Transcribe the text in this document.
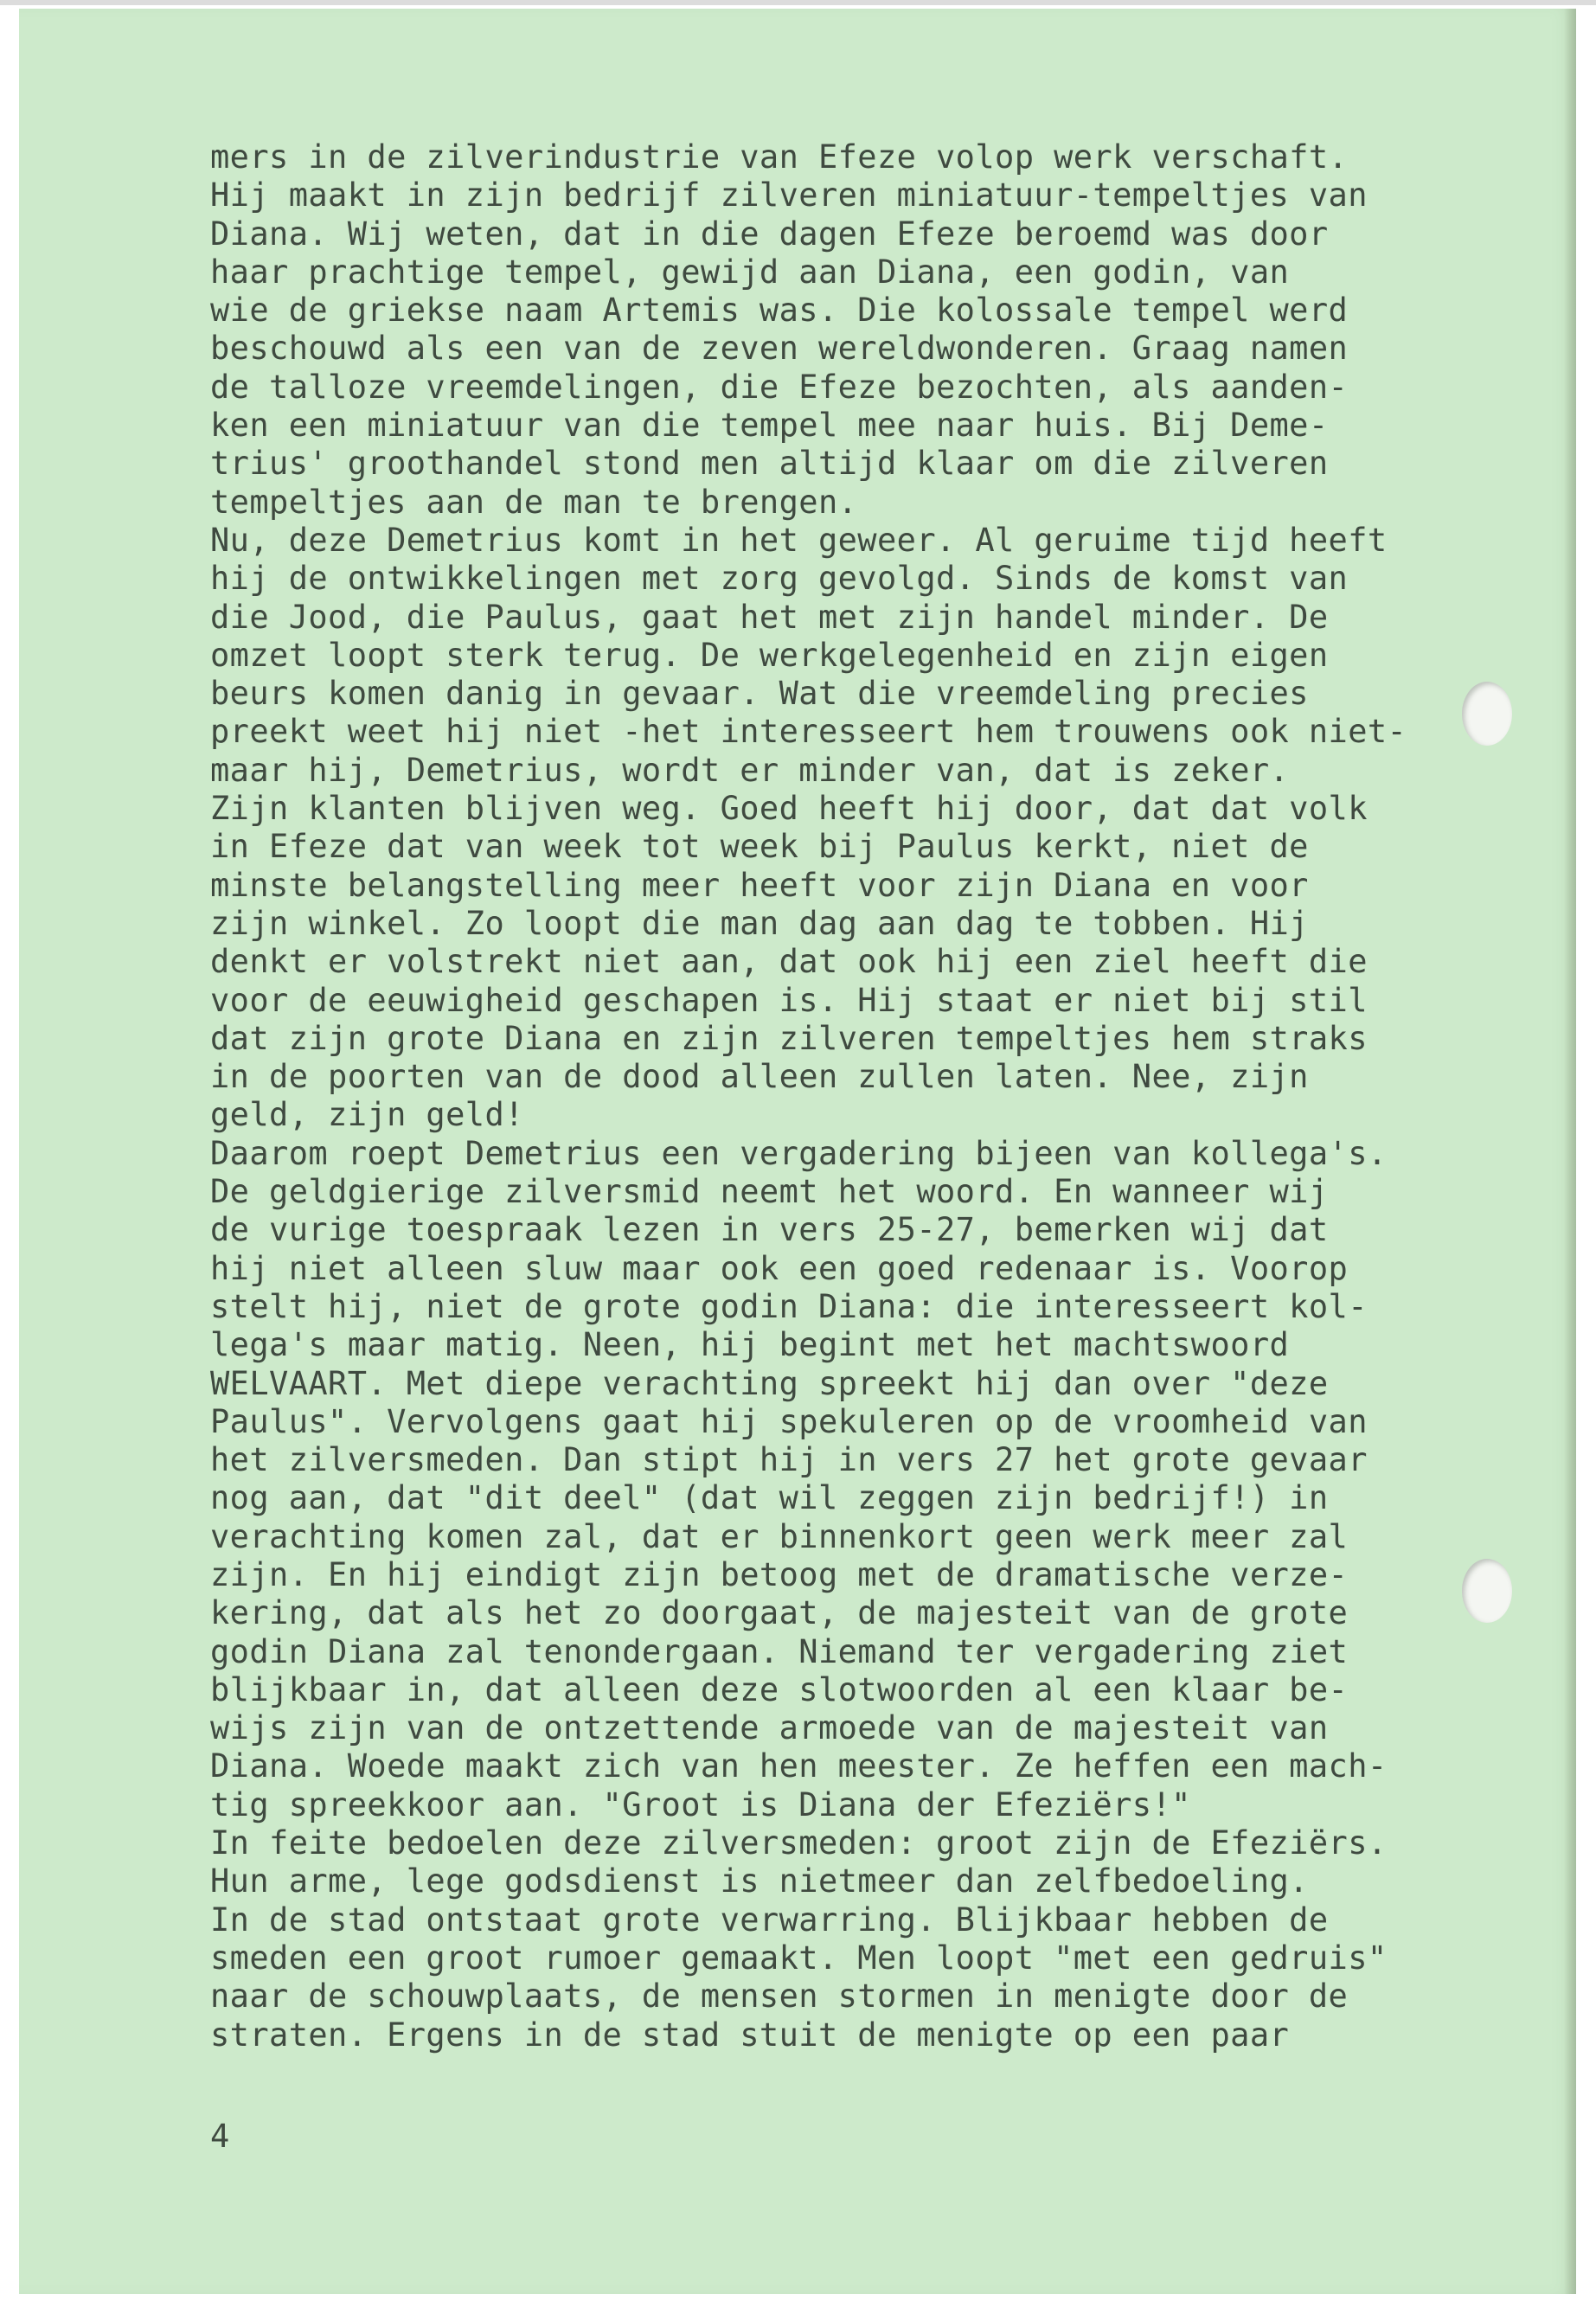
mers in de zilverindustrie van Efeze volop werk verschaft.
Hij maakt in zijn bedrijf zilveren miniatuur-tempeltjes van
Diana. Wij weten, dat in die dagen Efeze beroemd was door
haar prachtige tempel, gewijd aan Diana, een godin, van
wie de griekse naam Artemis was. Die kolossale tempel werd
beschouwd als een van de zeven wereldwonderen. Graag namen
de talloze vreemdelingen, die Efeze bezochten, als aanden-
ken een miniatuur van die tempel mee naar huis. Bij Deme-
trius' groothandel stond men altijd klaar om die zilveren
tempeltjes aan de man te brengen.
Nu, deze Demetrius komt in het geweer. Al geruime tijd heeft
hij de ontwikkelingen met zorg gevolgd. Sinds de komst van
die Jood, die Paulus, gaat het met zijn handel minder. De
omzet loopt sterk terug. De werkgelegenheid en zijn eigen
beurs komen danig in gevaar. Wat die vreemdeling precies
preekt weet hij niet -het interesseert hem trouwens ook niet-
maar hij, Demetrius, wordt er minder van, dat is zeker.
Zijn klanten blijven weg. Goed heeft hij door, dat dat volk
in Efeze dat van week tot week bij Paulus kerkt, niet de
minste belangstelling meer heeft voor zijn Diana en voor
zijn winkel. Zo loopt die man dag aan dag te tobben. Hij
denkt er volstrekt niet aan, dat ook hij een ziel heeft die
voor de eeuwigheid geschapen is. Hij staat er niet bij stil
dat zijn grote Diana en zijn zilveren tempeltjes hem straks
in de poorten van de dood alleen zullen laten. Nee, zijn
geld, zijn geld!
Daarom roept Demetrius een vergadering bijeen van kollega's.
De geldgierige zilversmid neemt het woord. En wanneer wij
de vurige toespraak lezen in vers 25-27, bemerken wij dat
hij niet alleen sluw maar ook een goed redenaar is. Voorop
stelt hij, niet de grote godin Diana: die interesseert kol-
lega's maar matig. Neen, hij begint met het machtswoord
WELVAART. Met diepe verachting spreekt hij dan over "deze
Paulus". Vervolgens gaat hij spekuleren op de vroomheid van
het zilversmeden. Dan stipt hij in vers 27 het grote gevaar
nog aan, dat "dit deel" (dat wil zeggen zijn bedrijf!) in
verachting komen zal, dat er binnenkort geen werk meer zal
zijn. En hij eindigt zijn betoog met de dramatische verze-
kering, dat als het zo doorgaat, de majesteit van de grote
godin Diana zal tenondergaan. Niemand ter vergadering ziet
blijkbaar in, dat alleen deze slotwoorden al een klaar be-
wijs zijn van de ontzettende armoede van de majesteit van
Diana. Woede maakt zich van hen meester. Ze heffen een mach-
tig spreekkoor aan. "Groot is Diana der Efeziërs!"
In feite bedoelen deze zilversmeden: groot zijn de Efeziërs.
Hun arme, lege godsdienst is nietmeer dan zelfbedoeling.
In de stad ontstaat grote verwarring. Blijkbaar hebben de
smeden een groot rumoer gemaakt. Men loopt "met een gedruis"
naar de schouwplaats, de mensen stormen in menigte door de
straten. Ergens in de stad stuit de menigte op een paar
4
